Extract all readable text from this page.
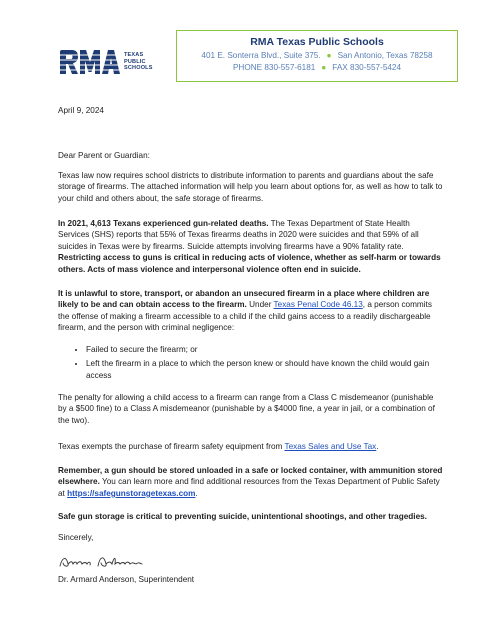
TEXAS
PUBLIC
SCHOOLS
RMA Texas Public Schools
401 E. Sonterra Blvd., Suite 375. ● San Antonio, Texas 78258
PHONE 830-557-6181 ● FAX 830-557-5424
April 9, 2024
Dear Parent or Guardian:
Texas law now requires school districts to distribute information to parents and guardians about the safe storage of firearms. The attached information will help you learn about options for, as well as how to talk to your child and others about, the safe storage of firearms.
In 2021, 4,613 Texans experienced gun-related deaths. The Texas Department of State Health Services (SHS) reports that 55% of Texas firearms deaths in 2020 were suicides and that 59% of all suicides in Texas were by firearms. Suicide attempts involving firearms have a 90% fatality rate. Restricting access to guns is critical in reducing acts of violence, whether as self-harm or towards others. Acts of mass violence and interpersonal violence often end in suicide.
It is unlawful to store, transport, or abandon an unsecured firearm in a place where children are likely to be and can obtain access to the firearm. Under Texas Penal Code 46.13, a person commits the offense of making a firearm accessible to a child if the child gains access to a readily dischargeable firearm, and the person with criminal negligence:
• Failed to secure the firearm; or
• Left the firearm in a place to which the person knew or should have known the child would gain access
The penalty for allowing a child access to a firearm can range from a Class C misdemeanor (punishable by a $500 fine) to a Class A misdemeanor (punishable by a $4000 fine, a year in jail, or a combination of the two).
Texas exempts the purchase of firearm safety equipment from Texas Sales and Use Tax.
Remember, a gun should be stored unloaded in a safe or locked container, with ammunition stored elsewhere. You can learn more and find additional resources from the Texas Department of Public Safety at https://safegunstoragetexas.com.
Safe gun storage is critical to preventing suicide, unintentional shootings, and other tragedies.
Sincerely,
Dr. Armard Anderson, Superintendent
